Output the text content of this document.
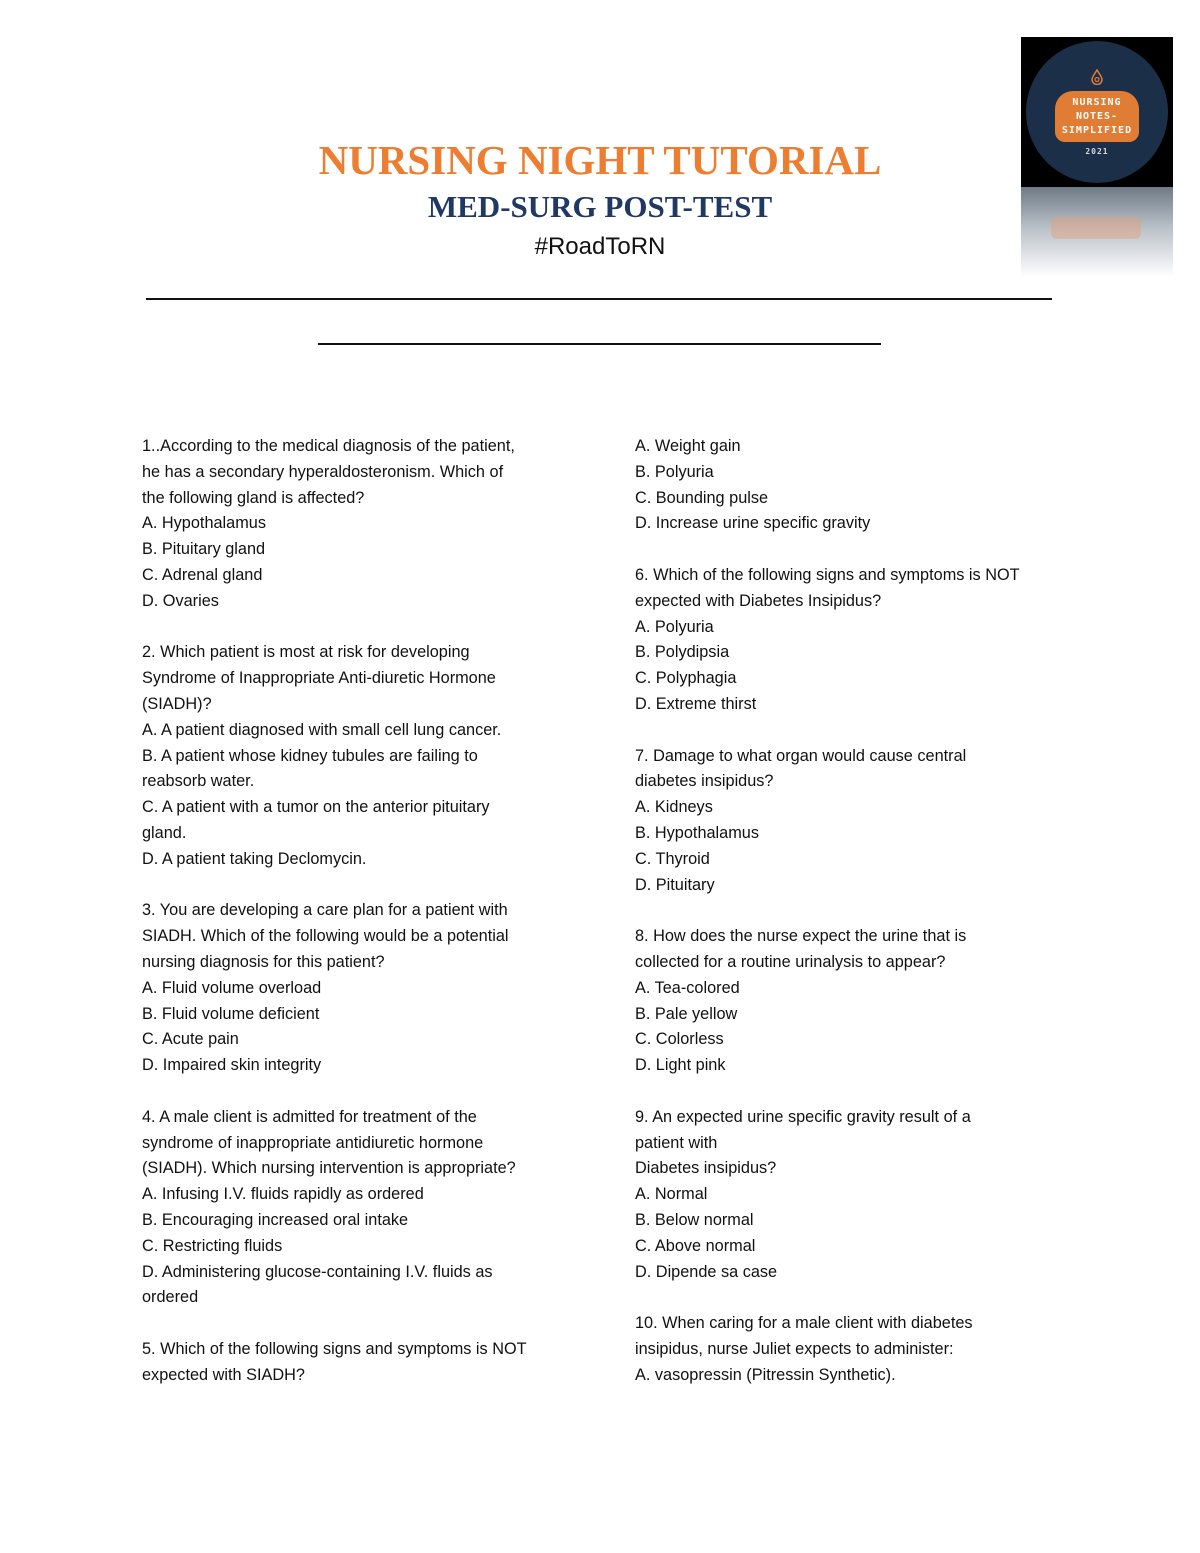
NURSING
NOTES-
SIMPLIFIED
2021
NURSING NIGHT TUTORIAL
MED-SURG POST-TEST
#RoadToRN
1..According to the medical diagnosis of the patient,
he has a secondary hyperaldosteronism. Which of
the following gland is affected?
A. Hypothalamus
B. Pituitary gland
C. Adrenal gland
D. Ovaries
2. Which patient is most at risk for developing
Syndrome of Inappropriate Anti-diuretic Hormone
(SIADH)?
A. A patient diagnosed with small cell lung cancer.
B. A patient whose kidney tubules are failing to
reabsorb water.
C. A patient with a tumor on the anterior pituitary
gland.
D. A patient taking Declomycin.
3. You are developing a care plan for a patient with
SIADH. Which of the following would be a potential
nursing diagnosis for this patient?
A. Fluid volume overload
B. Fluid volume deficient
C. Acute pain
D. Impaired skin integrity
4. A male client is admitted for treatment of the
syndrome of inappropriate antidiuretic hormone
(SIADH). Which nursing intervention is appropriate?
A. Infusing I.V. fluids rapidly as ordered
B. Encouraging increased oral intake
C. Restricting fluids
D. Administering glucose-containing I.V. fluids as
ordered
5. Which of the following signs and symptoms is NOT
expected with SIADH?
A. Weight gain
B. Polyuria
C. Bounding pulse
D. Increase urine specific gravity
6. Which of the following signs and symptoms is NOT
expected with Diabetes Insipidus?
A. Polyuria
B. Polydipsia
C. Polyphagia
D. Extreme thirst
7. Damage to what organ would cause central
diabetes insipidus?
A. Kidneys
B. Hypothalamus
C. Thyroid
D. Pituitary
8. How does the nurse expect the urine that is
collected for a routine urinalysis to appear?
A. Tea-colored
B. Pale yellow
C. Colorless
D. Light pink
9. An expected urine specific gravity result of a
patient with
Diabetes insipidus?
A. Normal
B. Below normal
C. Above normal
D. Dipende sa case
10. When caring for a male client with diabetes
insipidus, nurse Juliet expects to administer:
A. vasopressin (Pitressin Synthetic).
